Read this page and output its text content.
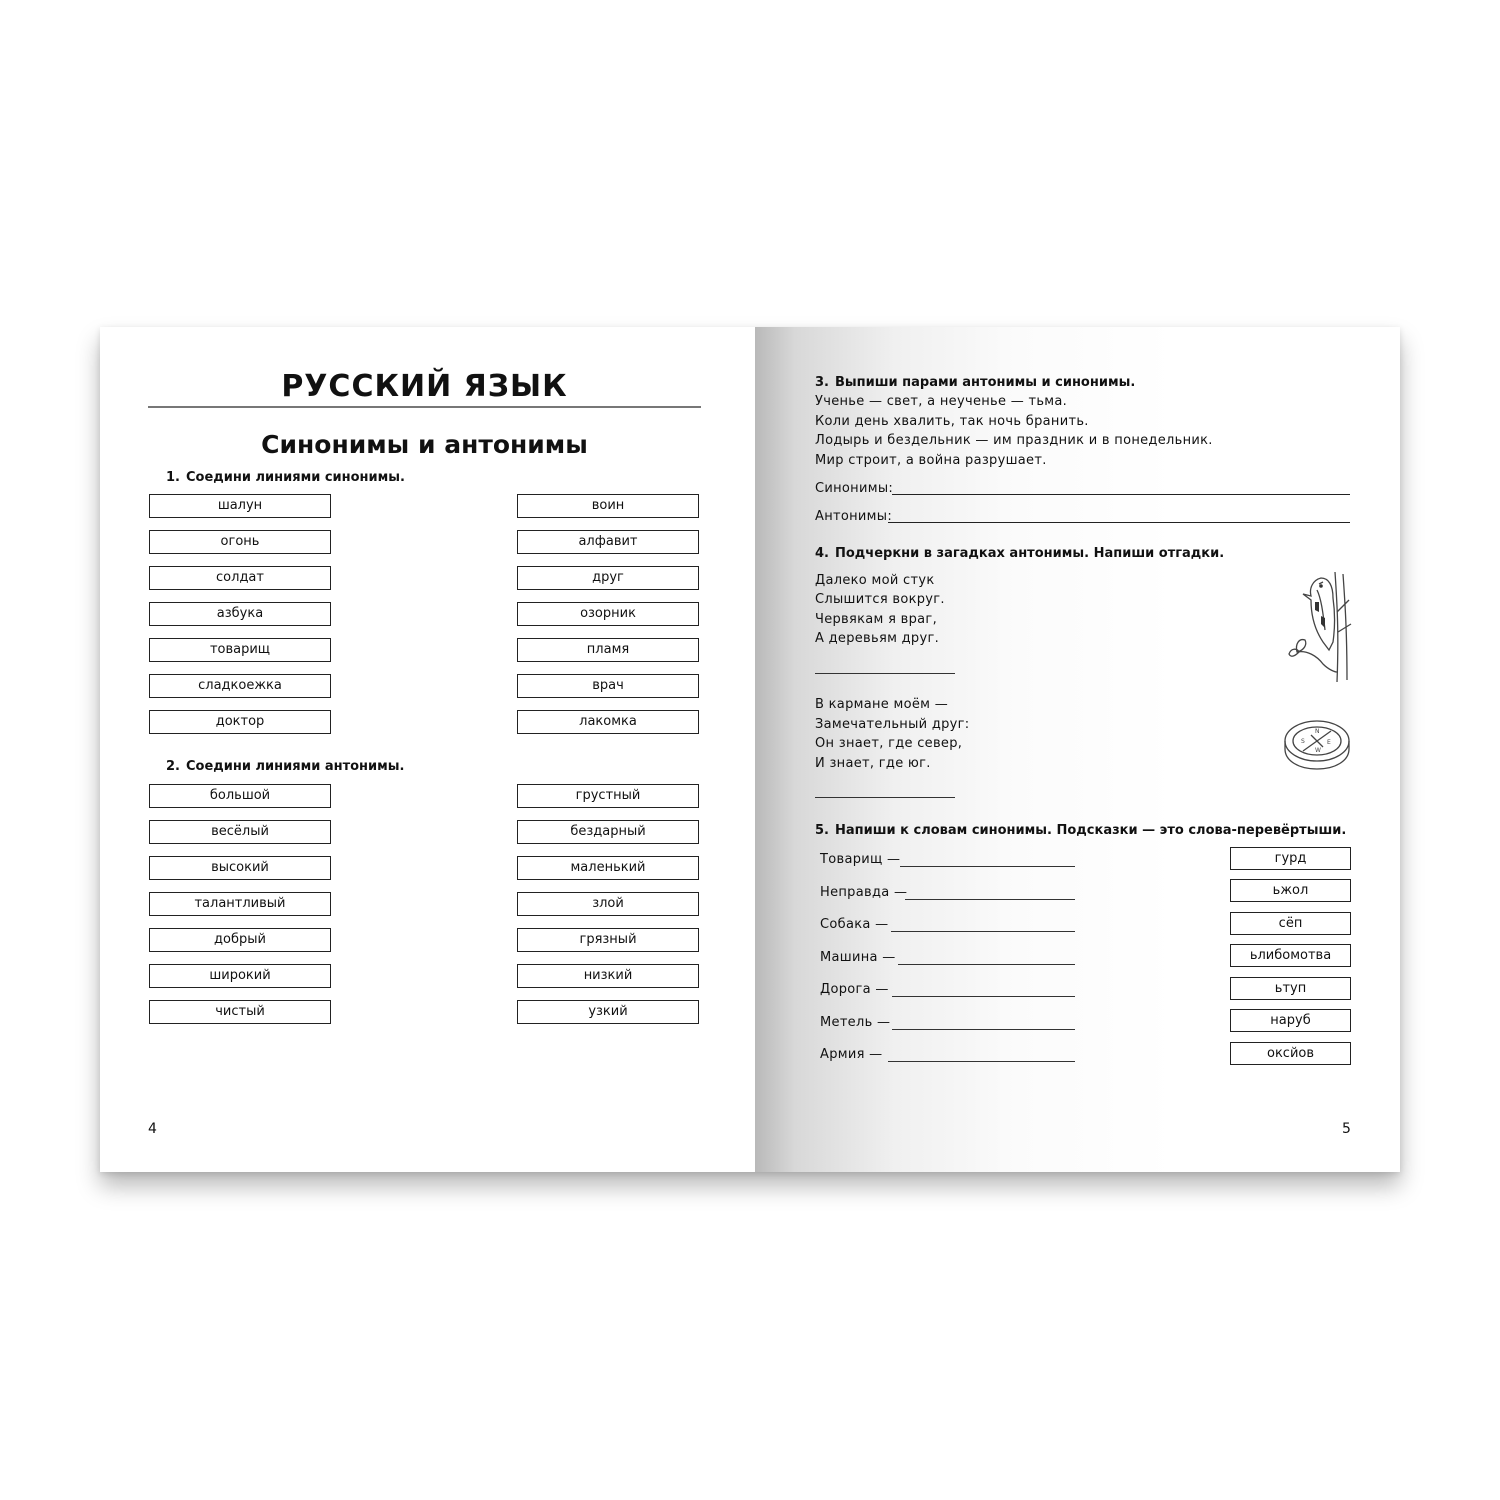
РУССКИЙ ЯЗЫК
Синонимы и антонимы
1. Соедини линиями синонимы.
шалун
огонь
солдат
азбука
товарищ
сладкоежка
доктор
воин
алфавит
друг
озорник
пламя
врач
лакомка
2. Соедини линиями антонимы.
большой
весёлый
высокий
талантливый
добрый
широкий
чистый
грустный
бездарный
маленький
злой
грязный
низкий
узкий
4
3. Выпиши парами антонимы и синонимы.
Ученье — свет, а неученье — тьма.
Коли день хвалить, так ночь бранить.
Лодырь и бездельник — им праздник и в понедельник.
Мир строит, а война разрушает.
Синонимы:
Антонимы:
4. Подчеркни в загадках антонимы. Напиши отгадки.
Далеко мой стук
Слышится вокруг.
Червякам я враг,
А деревьям друг.
В кармане моём —
Замечательный друг:
Он знает, где север,
И знает, где юг.
N
E
S
W
5. Напиши к словам синонимы. Подсказки — это слова-перевёртыши.
Товарищ —
Неправда —
Собака —
Машина —
Дорога —
Метель —
Армия —
гурд
ьжол
сёп
ьлибомотва
ьтуп
наруб
оксйов
5
